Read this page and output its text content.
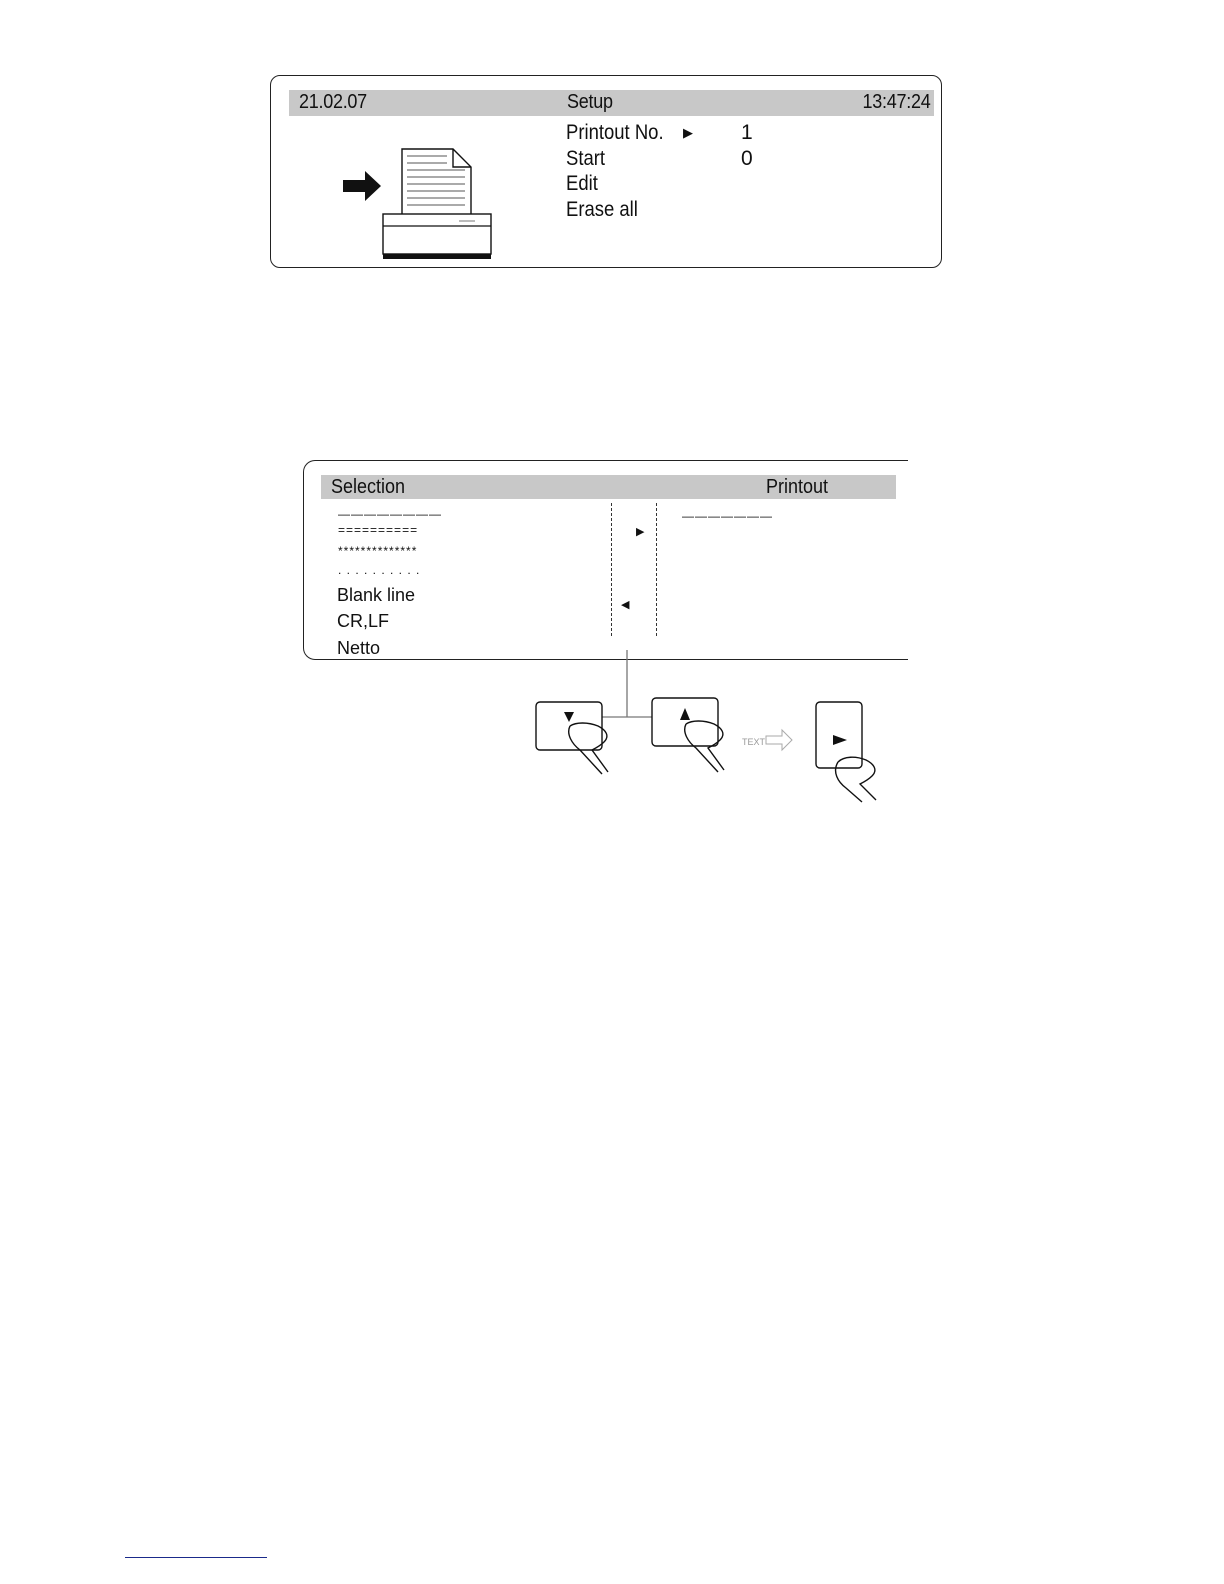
21.02.07	Setup	13:47:24
Printout No. ▶ 1
Start	0
Edit
Erase all
Selection	Printout
————————
==========
**************
. . . . . . . . . .
Blank line
CR,LF
Netto
▶
◀
———————
TEXT
